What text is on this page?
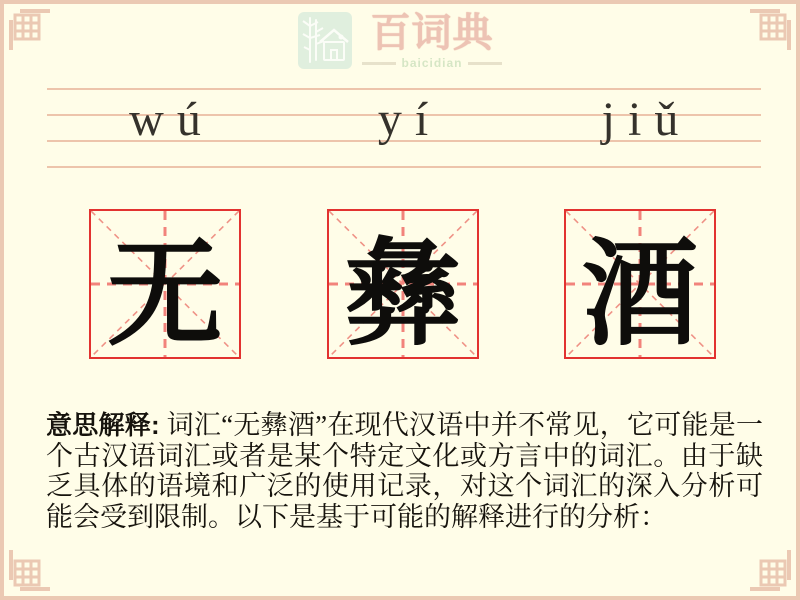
百词典
baicidian
wú	yí	jiǔ
无 彝 酒
意思解释: 词汇“无彝酒”在现代汉语中并不常见，它可能是一个古汉语词汇或者是某个特定文化或方言中的词汇。由于缺乏具体的语境和广泛的使用记录，对这个词汇的深入分析可能会受到限制。以下是基于可能的解释进行的分析：
